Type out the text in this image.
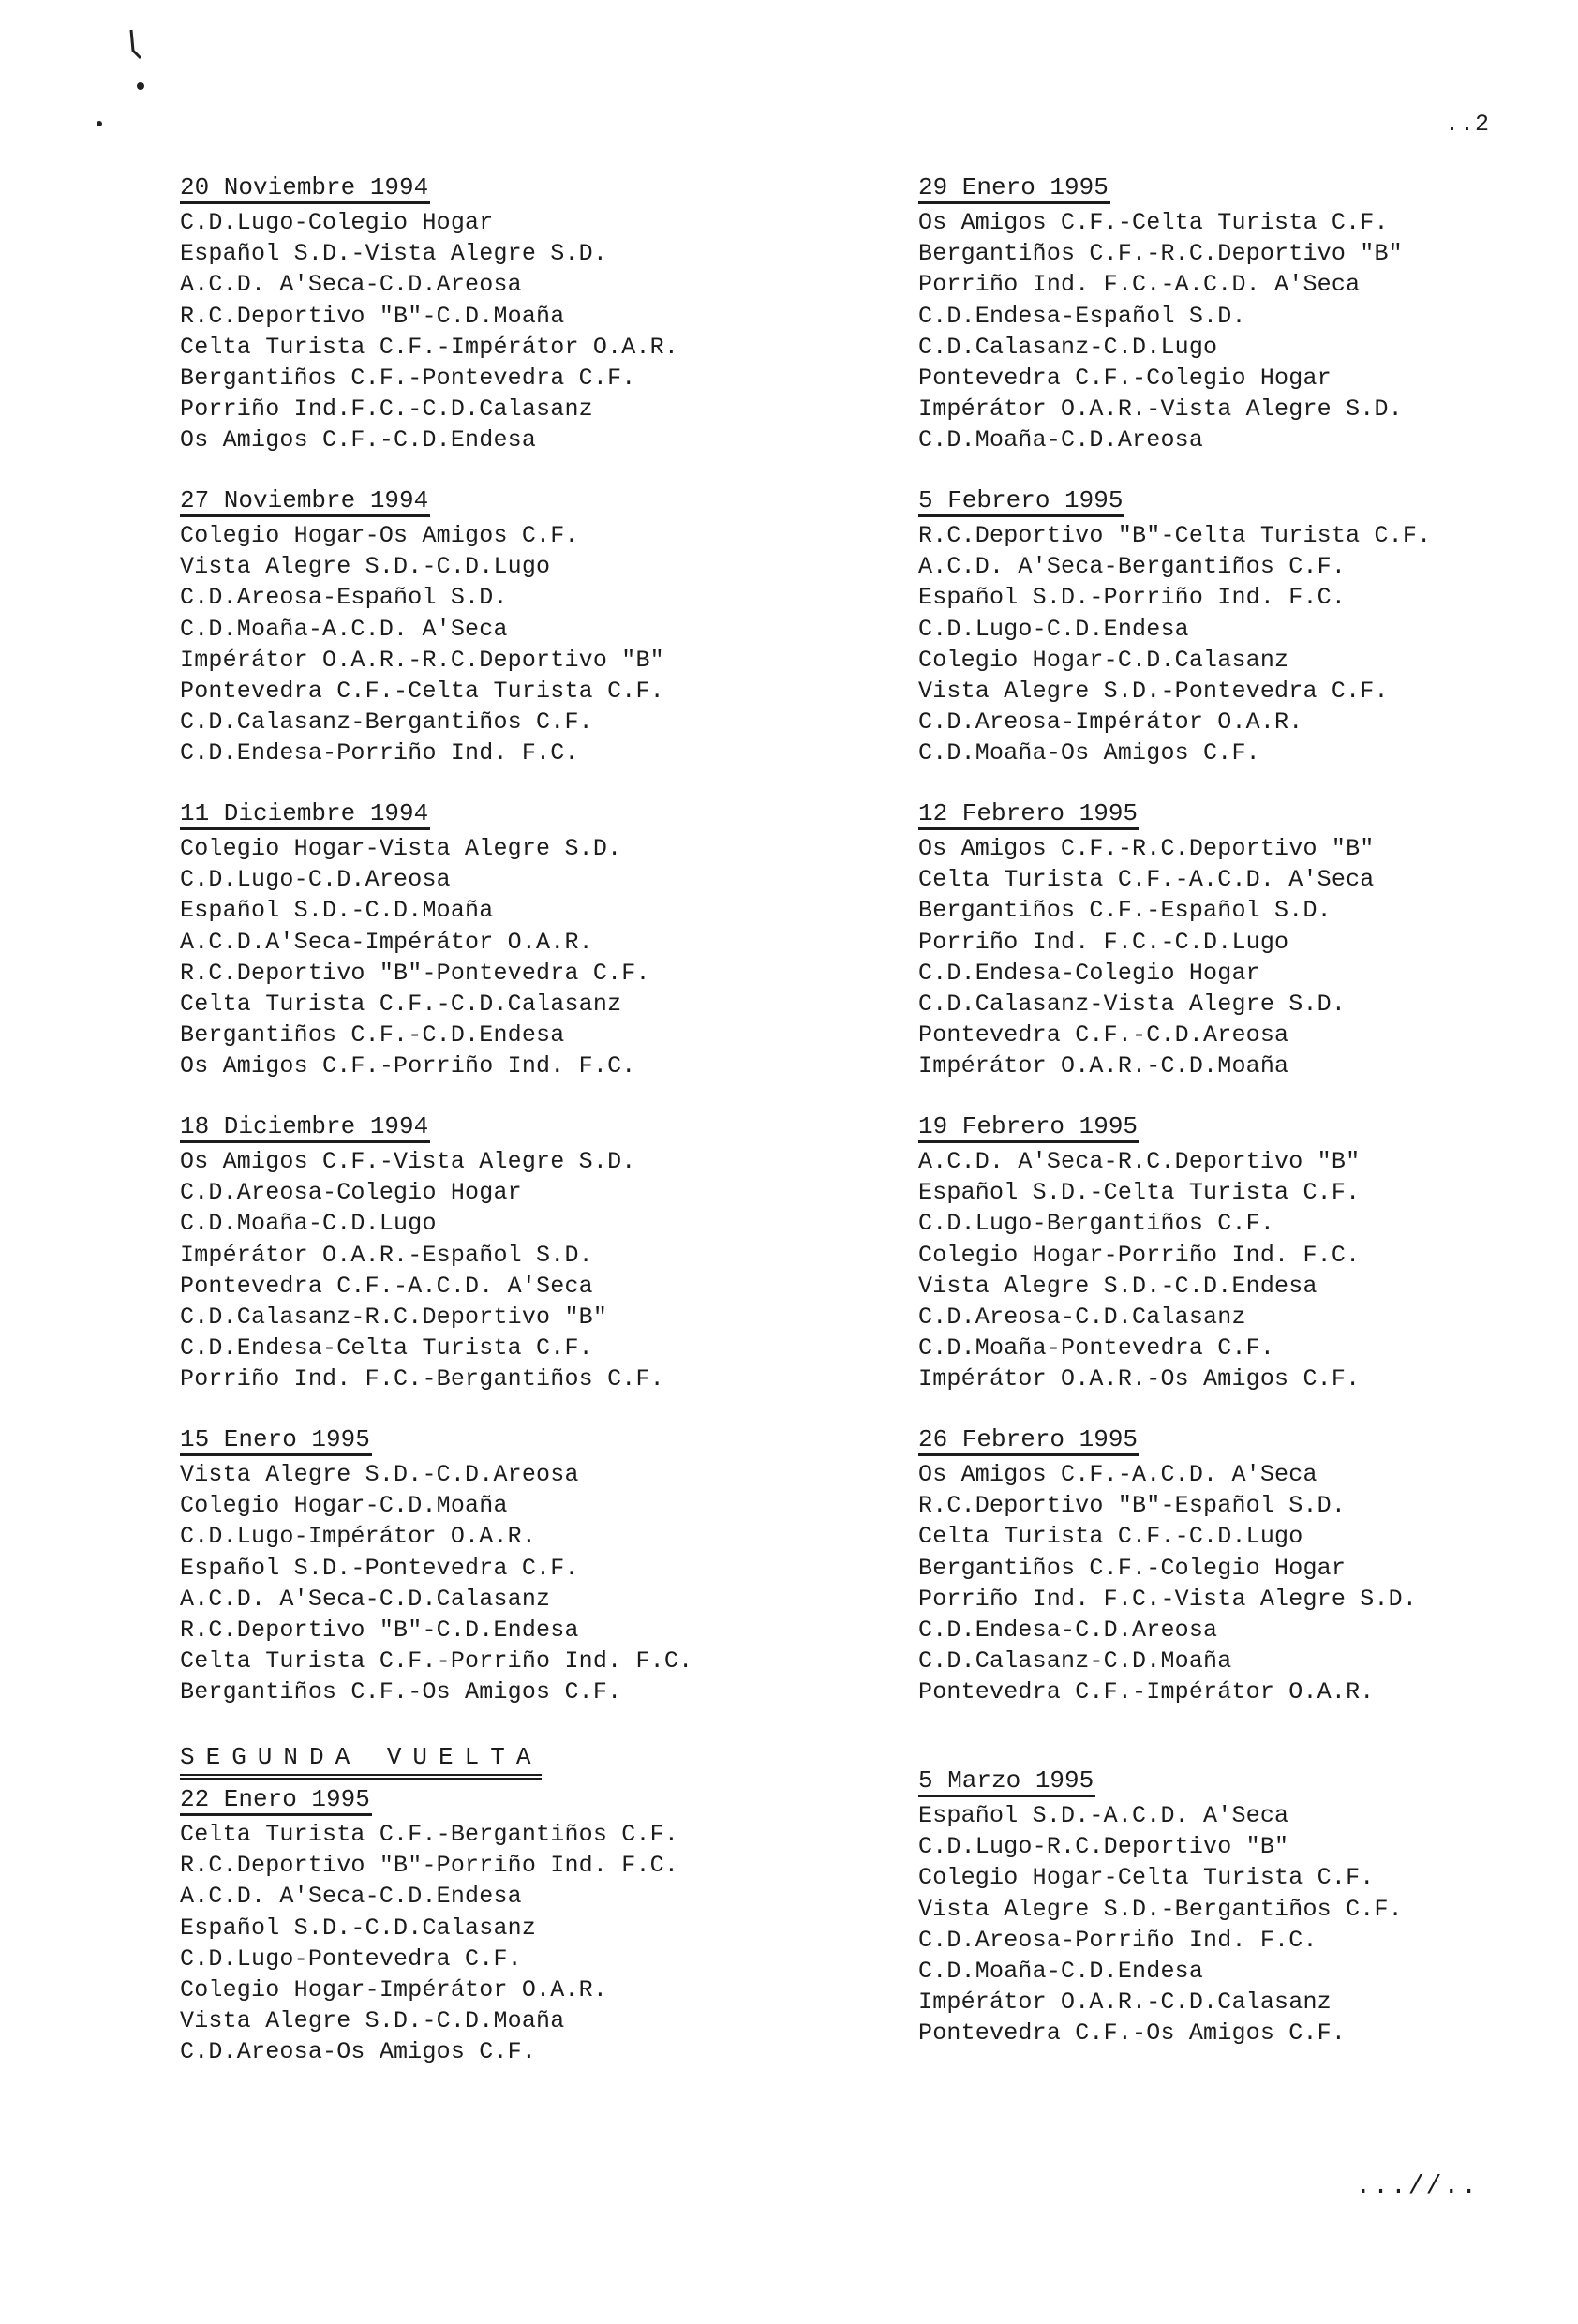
..2
20 Noviembre 1994
C.D.Lugo-Colegio Hogar
Español S.D.-Vista Alegre S.D.
A.C.D. A'Seca-C.D.Areosa
R.C.Deportivo "B"-C.D.Moaña
Celta Turista C.F.-Impérátor O.A.R.
Bergantiños C.F.-Pontevedra C.F.
Porriño Ind.F.C.-C.D.Calasanz
Os Amigos C.F.-C.D.Endesa
27 Noviembre 1994
Colegio Hogar-Os Amigos C.F.
Vista Alegre S.D.-C.D.Lugo
C.D.Areosa-Español S.D.
C.D.Moaña-A.C.D. A'Seca
Impérátor O.A.R.-R.C.Deportivo "B"
Pontevedra C.F.-Celta Turista C.F.
C.D.Calasanz-Bergantiños C.F.
C.D.Endesa-Porriño Ind. F.C.
11 Diciembre 1994
Colegio Hogar-Vista Alegre S.D.
C.D.Lugo-C.D.Areosa
Español S.D.-C.D.Moaña
A.C.D.A'Seca-Impérátor O.A.R.
R.C.Deportivo "B"-Pontevedra C.F.
Celta Turista C.F.-C.D.Calasanz
Bergantiños C.F.-C.D.Endesa
Os Amigos C.F.-Porriño Ind. F.C.
18 Diciembre 1994
Os Amigos C.F.-Vista Alegre S.D.
C.D.Areosa-Colegio Hogar
C.D.Moaña-C.D.Lugo
Impérátor O.A.R.-Español S.D.
Pontevedra C.F.-A.C.D. A'Seca
C.D.Calasanz-R.C.Deportivo "B"
C.D.Endesa-Celta Turista C.F.
Porriño Ind. F.C.-Bergantiños C.F.
15 Enero 1995
Vista Alegre S.D.-C.D.Areosa
Colegio Hogar-C.D.Moaña
C.D.Lugo-Impérátor O.A.R.
Español S.D.-Pontevedra C.F.
A.C.D. A'Seca-C.D.Calasanz
R.C.Deportivo "B"-C.D.Endesa
Celta Turista C.F.-Porriño Ind. F.C.
Bergantiños C.F.-Os Amigos C.F.
SEGUNDA VUELTA
22 Enero 1995
Celta Turista C.F.-Bergantiños C.F.
R.C.Deportivo "B"-Porriño Ind. F.C.
A.C.D. A'Seca-C.D.Endesa
Español S.D.-C.D.Calasanz
C.D.Lugo-Pontevedra C.F.
Colegio Hogar-Impérátor O.A.R.
Vista Alegre S.D.-C.D.Moaña
C.D.Areosa-Os Amigos C.F.
29 Enero 1995
Os Amigos C.F.-Celta Turista C.F.
Bergantiños C.F.-R.C.Deportivo "B"
Porriño Ind. F.C.-A.C.D. A'Seca
C.D.Endesa-Español S.D.
C.D.Calasanz-C.D.Lugo
Pontevedra C.F.-Colegio Hogar
Impérátor O.A.R.-Vista Alegre S.D.
C.D.Moaña-C.D.Areosa
5 Febrero 1995
R.C.Deportivo "B"-Celta Turista C.F.
A.C.D. A'Seca-Bergantiños C.F.
Español S.D.-Porriño Ind. F.C.
C.D.Lugo-C.D.Endesa
Colegio Hogar-C.D.Calasanz
Vista Alegre S.D.-Pontevedra C.F.
C.D.Areosa-Impérátor O.A.R.
C.D.Moaña-Os Amigos C.F.
12 Febrero 1995
Os Amigos C.F.-R.C.Deportivo "B"
Celta Turista C.F.-A.C.D. A'Seca
Bergantiños C.F.-Español S.D.
Porriño Ind. F.C.-C.D.Lugo
C.D.Endesa-Colegio Hogar
C.D.Calasanz-Vista Alegre S.D.
Pontevedra C.F.-C.D.Areosa
Impérátor O.A.R.-C.D.Moaña
19 Febrero 1995
A.C.D. A'Seca-R.C.Deportivo "B"
Español S.D.-Celta Turista C.F.
C.D.Lugo-Bergantiños C.F.
Colegio Hogar-Porriño Ind. F.C.
Vista Alegre S.D.-C.D.Endesa
C.D.Areosa-C.D.Calasanz
C.D.Moaña-Pontevedra C.F.
Impérátor O.A.R.-Os Amigos C.F.
26 Febrero 1995
Os Amigos C.F.-A.C.D. A'Seca
R.C.Deportivo "B"-Español S.D.
Celta Turista C.F.-C.D.Lugo
Bergantiños C.F.-Colegio Hogar
Porriño Ind. F.C.-Vista Alegre S.D.
C.D.Endesa-C.D.Areosa
C.D.Calasanz-C.D.Moaña
Pontevedra C.F.-Impérátor O.A.R.
5 Marzo 1995
Español S.D.-A.C.D. A'Seca
C.D.Lugo-R.C.Deportivo "B"
Colegio Hogar-Celta Turista C.F.
Vista Alegre S.D.-Bergantiños C.F.
C.D.Areosa-Porriño Ind. F.C.
C.D.Moaña-C.D.Endesa
Impérátor O.A.R.-C.D.Calasanz
Pontevedra C.F.-Os Amigos C.F.
...//..
